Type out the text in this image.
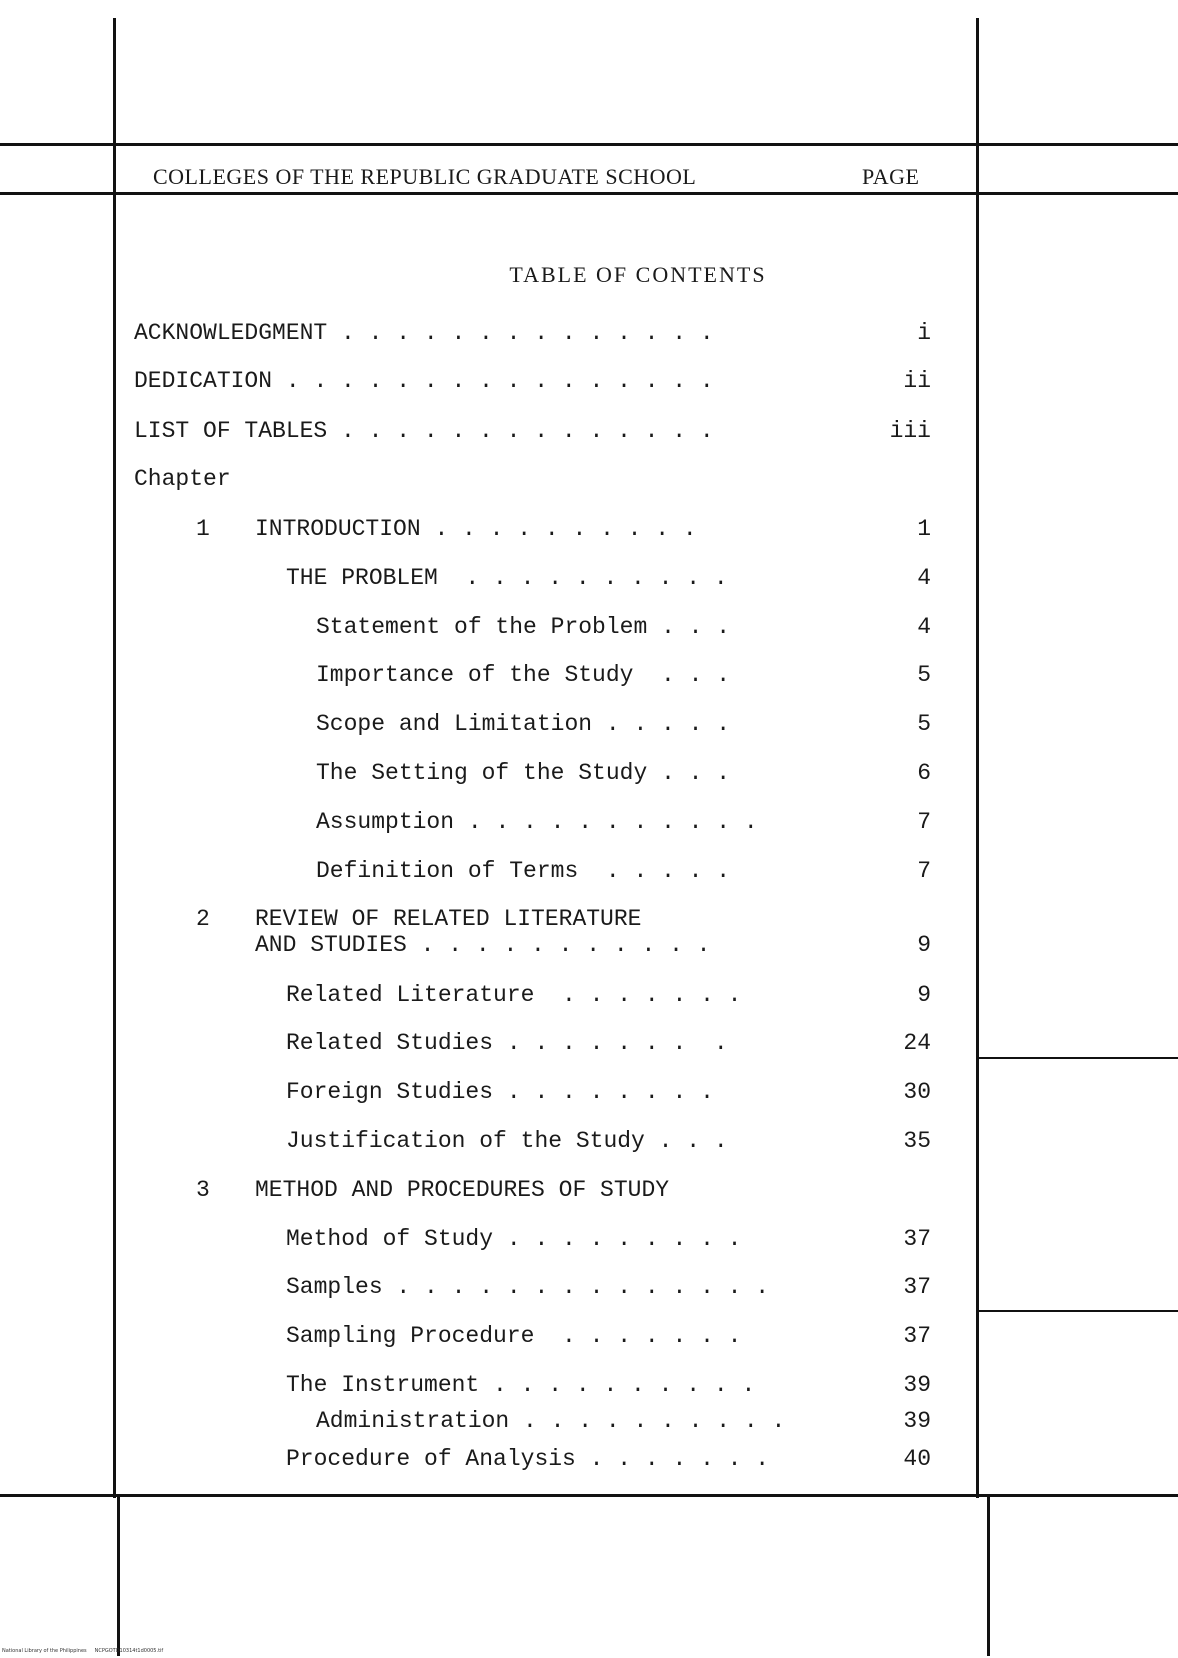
COLLEGES OF THE REPUBLIC GRADUATE SCHOOL	PAGE
TABLE OF CONTENTS
ACKNOWLEDGMENT . . . . . . . . . . . . . .	i
DEDICATION . . . . . . . . . . . . . . . .	ii
LIST OF TABLES . . . . . . . . . . . . . .	iii
Chapter
1 INTRODUCTION . . . . . . . . . .	1
THE PROBLEM  . . . . . . . . . .	4
Statement of the Problem . . .	4
Importance of the Study  . . .	5
Scope and Limitation . . . . .	5
The Setting of the Study . . .	6
Assumption . . . . . . . . . . .	7
Definition of Terms  . . . . .	7
2 REVIEW OF RELATED LITERATURE
AND STUDIES . . . . . . . . . . .	9
Related Literature  . . . . . . .	9
Related Studies . . . . . . .  .	24
Foreign Studies . . . . . . . .	30
Justification of the Study . . .	35
3 METHOD AND PROCEDURES OF STUDY
Method of Study . . . . . . . . .	37
Samples . . . . . . . . . . . . . .	37
Sampling Procedure  . . . . . . .	37
The Instrument . . . . . . . . . .	39
Administration . . . . . . . . . .	39
Procedure of Analysis . . . . . . .	40
National Library of the Philippines     NCPGOTD10314t1d0005.tif
